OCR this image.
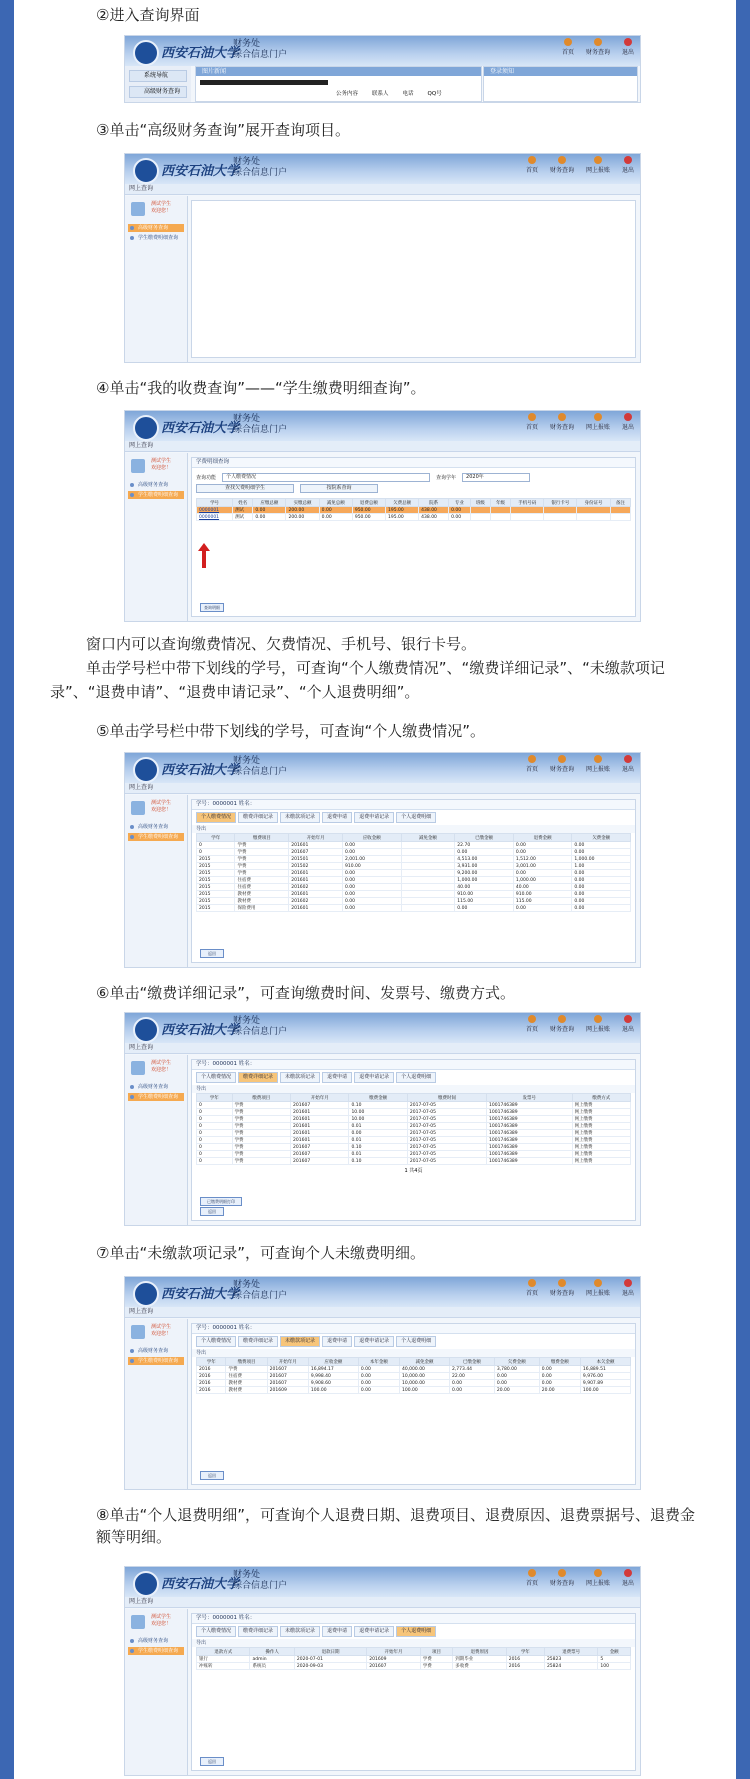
②进入查询界面
西安石油大学
财务处
综合信息门户	首页 财务查询 退出
系统导航
高级财务查询
图片新闻
公务内容	联系人	电话	QQ号
登录须知
③单击“高级财务查询”展开查询项目。
西安石油大学
财务处
综合信息门户	首页 财务查询 网上报账 退出
网上查询
测试学生
欢迎您！
高级财务查询
学生缴费明细查询
④单击“我的收费查询”——“学生缴费明细查询”。
西安石油大学
财务处
综合信息门户	首页 财务查询 网上报账 退出
网上查询
测试学生
欢迎您！
高级财务查询
学生缴费明细查询
学费明细查询
查询功能	个人缴费情况	查询学年	2020年
查找欠费明细学生	按院系查询
学号	姓名	应缴总额	实缴总额	减免总额	退费总额	欠费总额	院系	专业	班级	年级	手机号码	银行卡号	身份证号	备注
0000001	测试	0.00	200.00	0.00	950.00	195.00	438.00	0.00						
0000001	测试	0.00	200.00	0.00	950.00	195.00	438.00	0.00						
查询明细
窗口内可以查询缴费情况、欠费情况、手机号、银行卡号。
单击学号栏中带下划线的学号，可查询“个人缴费情况”、“缴费详细记录”、“未缴款项记录”、“退费申请”、“退费申请记录”、“个人退费明细”。
⑤单击学号栏中带下划线的学号，可查询“个人缴费情况”。
西安石油大学
财务处
综合信息门户	首页 财务查询 网上报账 退出
网上查询
测试学生
欢迎您！
高级财务查询
学生缴费明细查询
学号：0000001 姓名：
个人缴费情况	缴费详细记录	未缴款项记录	退费申请	退费申请记录	个人退费明细
导出
学年	缴费项目	开始年月	应收金额	减免金额	已缴金额	退费金额	欠费金额
0	学费	201601	0.00		22.70	0.00	0.00
0	学费	201607	0.00		0.00	0.00	0.00
2015	学费	201501	2,001.00		4,513.00	1,512.00	1,000.00
2015	学费	201502	910.00		3,931.00	3,001.00	1.00
2015	学费	201601	0.00		9,200.00	0.00	0.00
2015	住宿费	201601	0.00		1,000.00	1,000.00	0.00
2015	住宿费	201602	0.00		40.00	40.00	0.00
2015	教材费	201601	0.00		910.00	910.00	0.00
2015	教材费	201602	0.00		115.00	115.00	0.00
2015	保险费用	201601	0.00		0.00	0.00	0.00
返回
⑥单击“缴费详细记录”，可查询缴费时间、发票号、缴费方式。
西安石油大学
财务处
综合信息门户	首页 财务查询 网上报账 退出
网上查询
测试学生
欢迎您！
高级财务查询
学生缴费明细查询
学号：0000001 姓名：
个人缴费情况	缴费详细记录	未缴款项记录	退费申请	退费申请记录	个人退费明细
导出
学年	缴费项目	开始年月	缴费金额	缴费时间	发票号	缴费方式
0	学费	201607	0.10	2017-07-05	1001746389	网上缴费
0	学费	201601	10.00	2017-07-05	1001746389	网上缴费
0	学费	201601	10.00	2017-07-05	1001746389	网上缴费
0	学费	201601	0.01	2017-07-05	1001746389	网上缴费
0	学费	201601	0.00	2017-07-05	1001746389	网上缴费
0	学费	201601	0.01	2017-07-05	1001746389	网上缴费
0	学费	201607	0.10	2017-07-05	1001746389	网上缴费
0	学费	201607	0.01	2017-07-05	1001746389	网上缴费
0	学费	201607	0.10	2017-07-05	1001746389	网上缴费
1 共4页
已缴费明细打印
返回
⑦单击“未缴款项记录”，可查询个人未缴费明细。
西安石油大学
财务处
综合信息门户	首页 财务查询 网上报账 退出
网上查询
测试学生
欢迎您！
高级财务查询
学生缴费明细查询
学号：0000001 姓名：
个人缴费情况	缴费详细记录	未缴款项记录	退费申请	退费申请记录	个人退费明细
导出
学年	缴费项目	开始年月	应收金额	本年金额	减免金额	已缴金额	欠费金额	缴费金额	本欠金额
2016	学费	201607	16,894.17	0.00	40,000.00	2,773.44	3,780.00	0.00	16,889.51
2016	住宿费	201607	9,998.40	0.00	10,000.00	22.00	0.00	0.00	9,976.00
2016	教材费	201607	9,908.60	0.00	10,000.00	0.00	0.00	0.00	9,907.89
2016	教材费	201609	100.00	0.00	100.00	0.00	20.00	20.00	100.00
返回
⑧单击“个人退费明细”，可查询个人退费日期、退费项目、退费原因、退费票据号、退费金额等明细。
西安石油大学
财务处
综合信息门户	首页 财务查询 网上报账 退出
网上查询
测试学生
欢迎您！
高级财务查询
学生缴费明细查询
学号：0000001 姓名：
个人缴费情况	缴费详细记录	未缴款项记录	退费申请	退费申请记录	个人退费明细
导出
退款方式	操作人	退款日期	开始年月	项目	退费原因	学年	退费票号	金额
银行	admin	2020-07-01	201609	学费	到期毕业	2016	25823	5
冲账转	系统员	2020-09-03	201607	学费	多收费	2016	25824	100
返回
